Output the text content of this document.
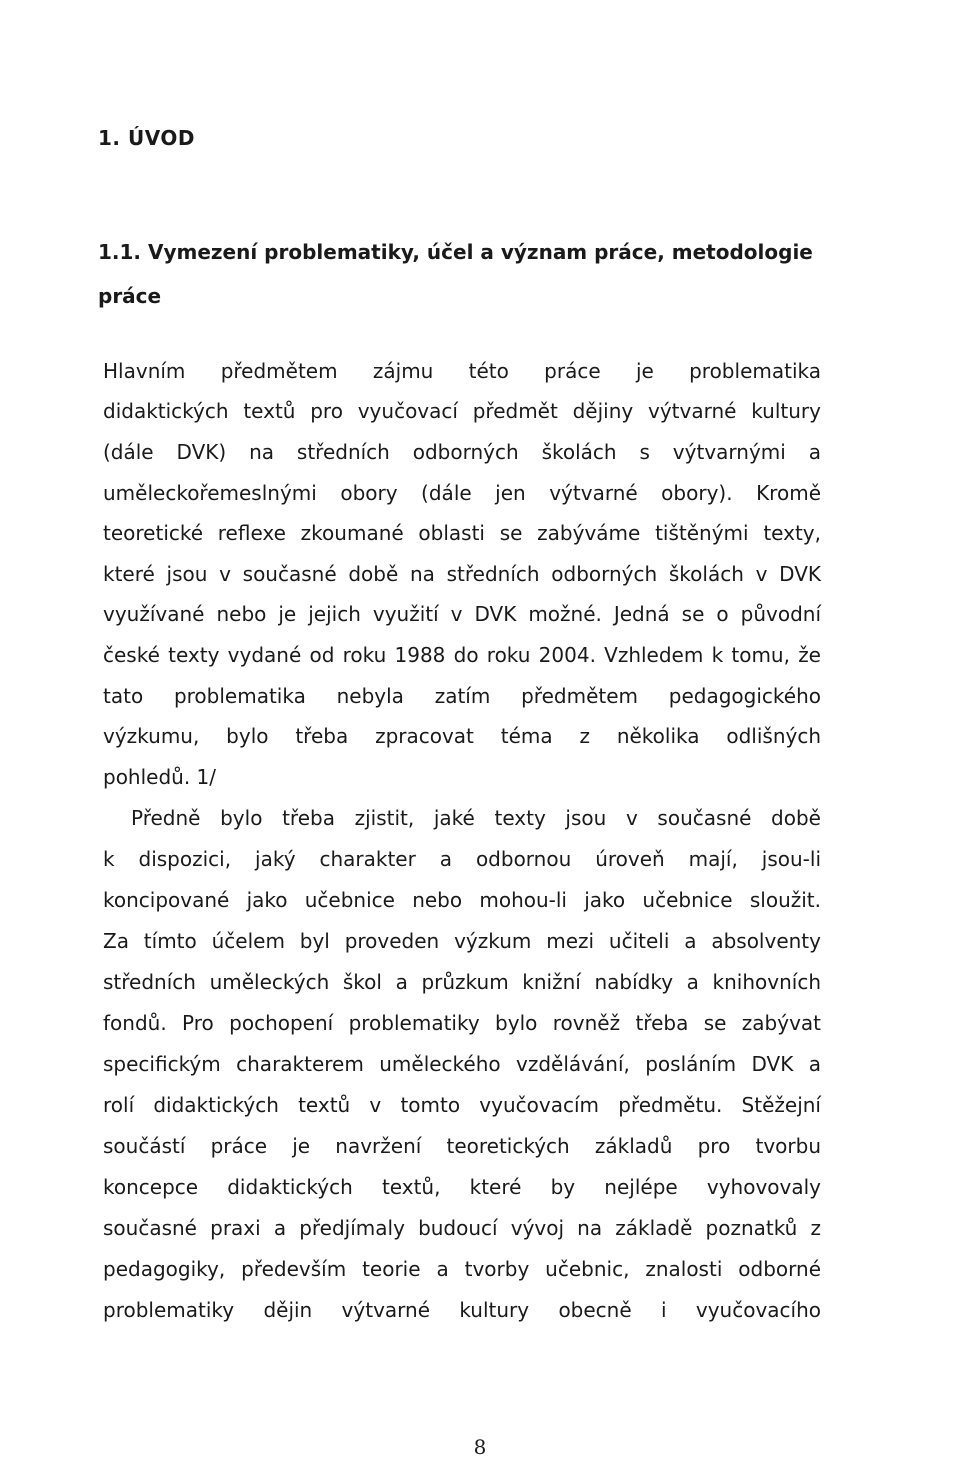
1. ÚVOD
1.1. Vymezení problematiky, účel a význam práce, metodologie práce
Hlavním předmětem zájmu této práce je problematika
didaktických textů pro vyučovací předmět dějiny výtvarné kultury
(dále DVK) na středních odborných školách s výtvarnými a
uměleckořemeslnými obory (dále jen výtvarné obory). Kromě
teoretické reflexe zkoumané oblasti se zabýváme tištěnými texty,
které jsou v současné době na středních odborných školách v DVK
využívané nebo je jejich využití v DVK možné. Jedná se o původní
české texty vydané od roku 1988 do roku 2004. Vzhledem k tomu, že
tato problematika nebyla zatím předmětem pedagogického
výzkumu, bylo třeba zpracovat téma z několika odlišných
pohledů. 1/
Předně bylo třeba zjistit, jaké texty jsou v současné době
k dispozici, jaký charakter a odbornou úroveň mají, jsou-li
koncipované jako učebnice nebo mohou-li jako učebnice sloužit.
Za tímto účelem byl proveden výzkum mezi učiteli a absolventy
středních uměleckých škol a průzkum knižní nabídky a knihovních
fondů. Pro pochopení problematiky bylo rovněž třeba se zabývat
specifickým charakterem uměleckého vzdělávání, posláním DVK a
rolí didaktických textů v tomto vyučovacím předmětu. Stěžejní
součástí práce je navržení teoretických základů pro tvorbu
koncepce didaktických textů, které by nejlépe vyhovovaly
současné praxi a předjímaly budoucí vývoj na základě poznatků z
pedagogiky, především teorie a tvorby učebnic, znalosti odborné
problematiky dějin výtvarné kultury obecně i vyučovacího
8
